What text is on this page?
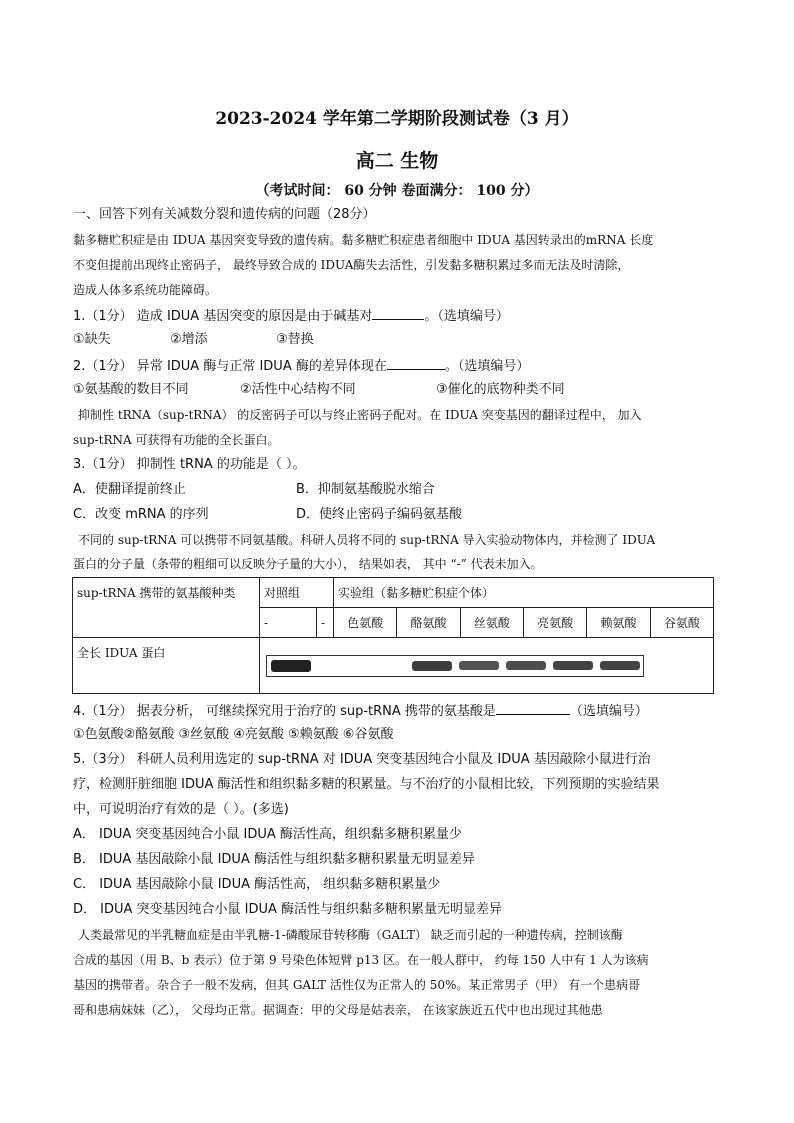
2023-2024 学年第二学期阶段测试卷（3 月）
高二 生物
（考试时间： 60 分钟 卷面满分： 100 分）
一、回答下列有关减数分裂和遗传病的问题（28分）
黏多糖贮积症是由 IDUA 基因突变导致的遗传病。黏多糖贮积症患者细胞中 IDUA 基因转录出的mRNA 长度
不变但提前出现终止密码子， 最终导致合成的 IDUA酶失去活性，引发黏多糖积累过多而无法及时清除，
造成人体多系统功能障碍。
1.（1分） 造成 IDUA 基因突变的原因是由于碱基对	。（选填编号）
①缺失	②增添	③替换
2.（1分） 异常 IDUA 酶与正常 IDUA 酶的差异体现在	。（选填编号）
①氨基酸的数目不同	②活性中心结构不同	③催化的底物种类不同
抑制性 tRNA（sup-tRNA） 的反密码子可以与终止密码子配对。在 IDUA 突变基因的翻译过程中， 加入
sup-tRNA 可获得有功能的全长蛋白。
3.（1分） 抑制性 tRNA 的功能是（ ）。
A．使翻译提前终止	B．抑制氨基酸脱水缩合
C．改变 mRNA 的序列	D．使终止密码子编码氨基酸
不同的 sup-tRNA 可以携带不同氨基酸。科研人员将不同的 sup-tRNA 导入实验动物体内，并检测了 IDUA
蛋白的分子量（条带的粗细可以反映分子量的大小）， 结果如表， 其中 “-” 代表未加入。
sup-tRNA 携带的氨基酸种类	对照组		实验组（黏多糖贮积症个体）					
	-	-	色氨酸	酪氨酸	丝氨酸	亮氨酸	赖氨酸	谷氨酸
全长 IDUA 蛋白								
4.（1分） 据表分析， 可继续探究用于治疗的 sup-tRNA 携带的氨基酸是	（选填编号）
①色氨酸②酪氨酸 ③丝氨酸 ④亮氨酸 ⑤赖氨酸 ⑥谷氨酸
5.（3分） 科研人员利用选定的 sup-tRNA 对 IDUA 突变基因纯合小鼠及 IDUA 基因敲除小鼠进行治
疗，检测肝脏细胞 IDUA 酶活性和组织黏多糖的积累量。与不治疗的小鼠相比较，下列预期的实验结果
中，可说明治疗有效的是（ ）。(多选)
A． IDUA 突变基因纯合小鼠 IDUA 酶活性高，组织黏多糖积累量少
B． IDUA 基因敲除小鼠 IDUA 酶活性与组织黏多糖积累量无明显差异
C． IDUA 基因敲除小鼠 IDUA 酶活性高， 组织黏多糖积累量少
D． IDUA 突变基因纯合小鼠 IDUA 酶活性与组织黏多糖积累量无明显差异
人类最常见的半乳糖血症是由半乳糖-1-磷酸尿苷转移酶（GALT） 缺乏而引起的一种遗传病，控制该酶
合成的基因（用 B、b 表示）位于第 9 号染色体短臂 p13 区。在一般人群中， 约每 150 人中有 1 人为该病
基因的携带者。杂合子一般不发病，但其 GALT 活性仅为正常人的 50%。某正常男子（甲） 有一个患病哥
哥和患病妹妹（乙）， 父母均正常。据调查：甲的父母是姑表亲， 在该家族近五代中也出现过其他患
